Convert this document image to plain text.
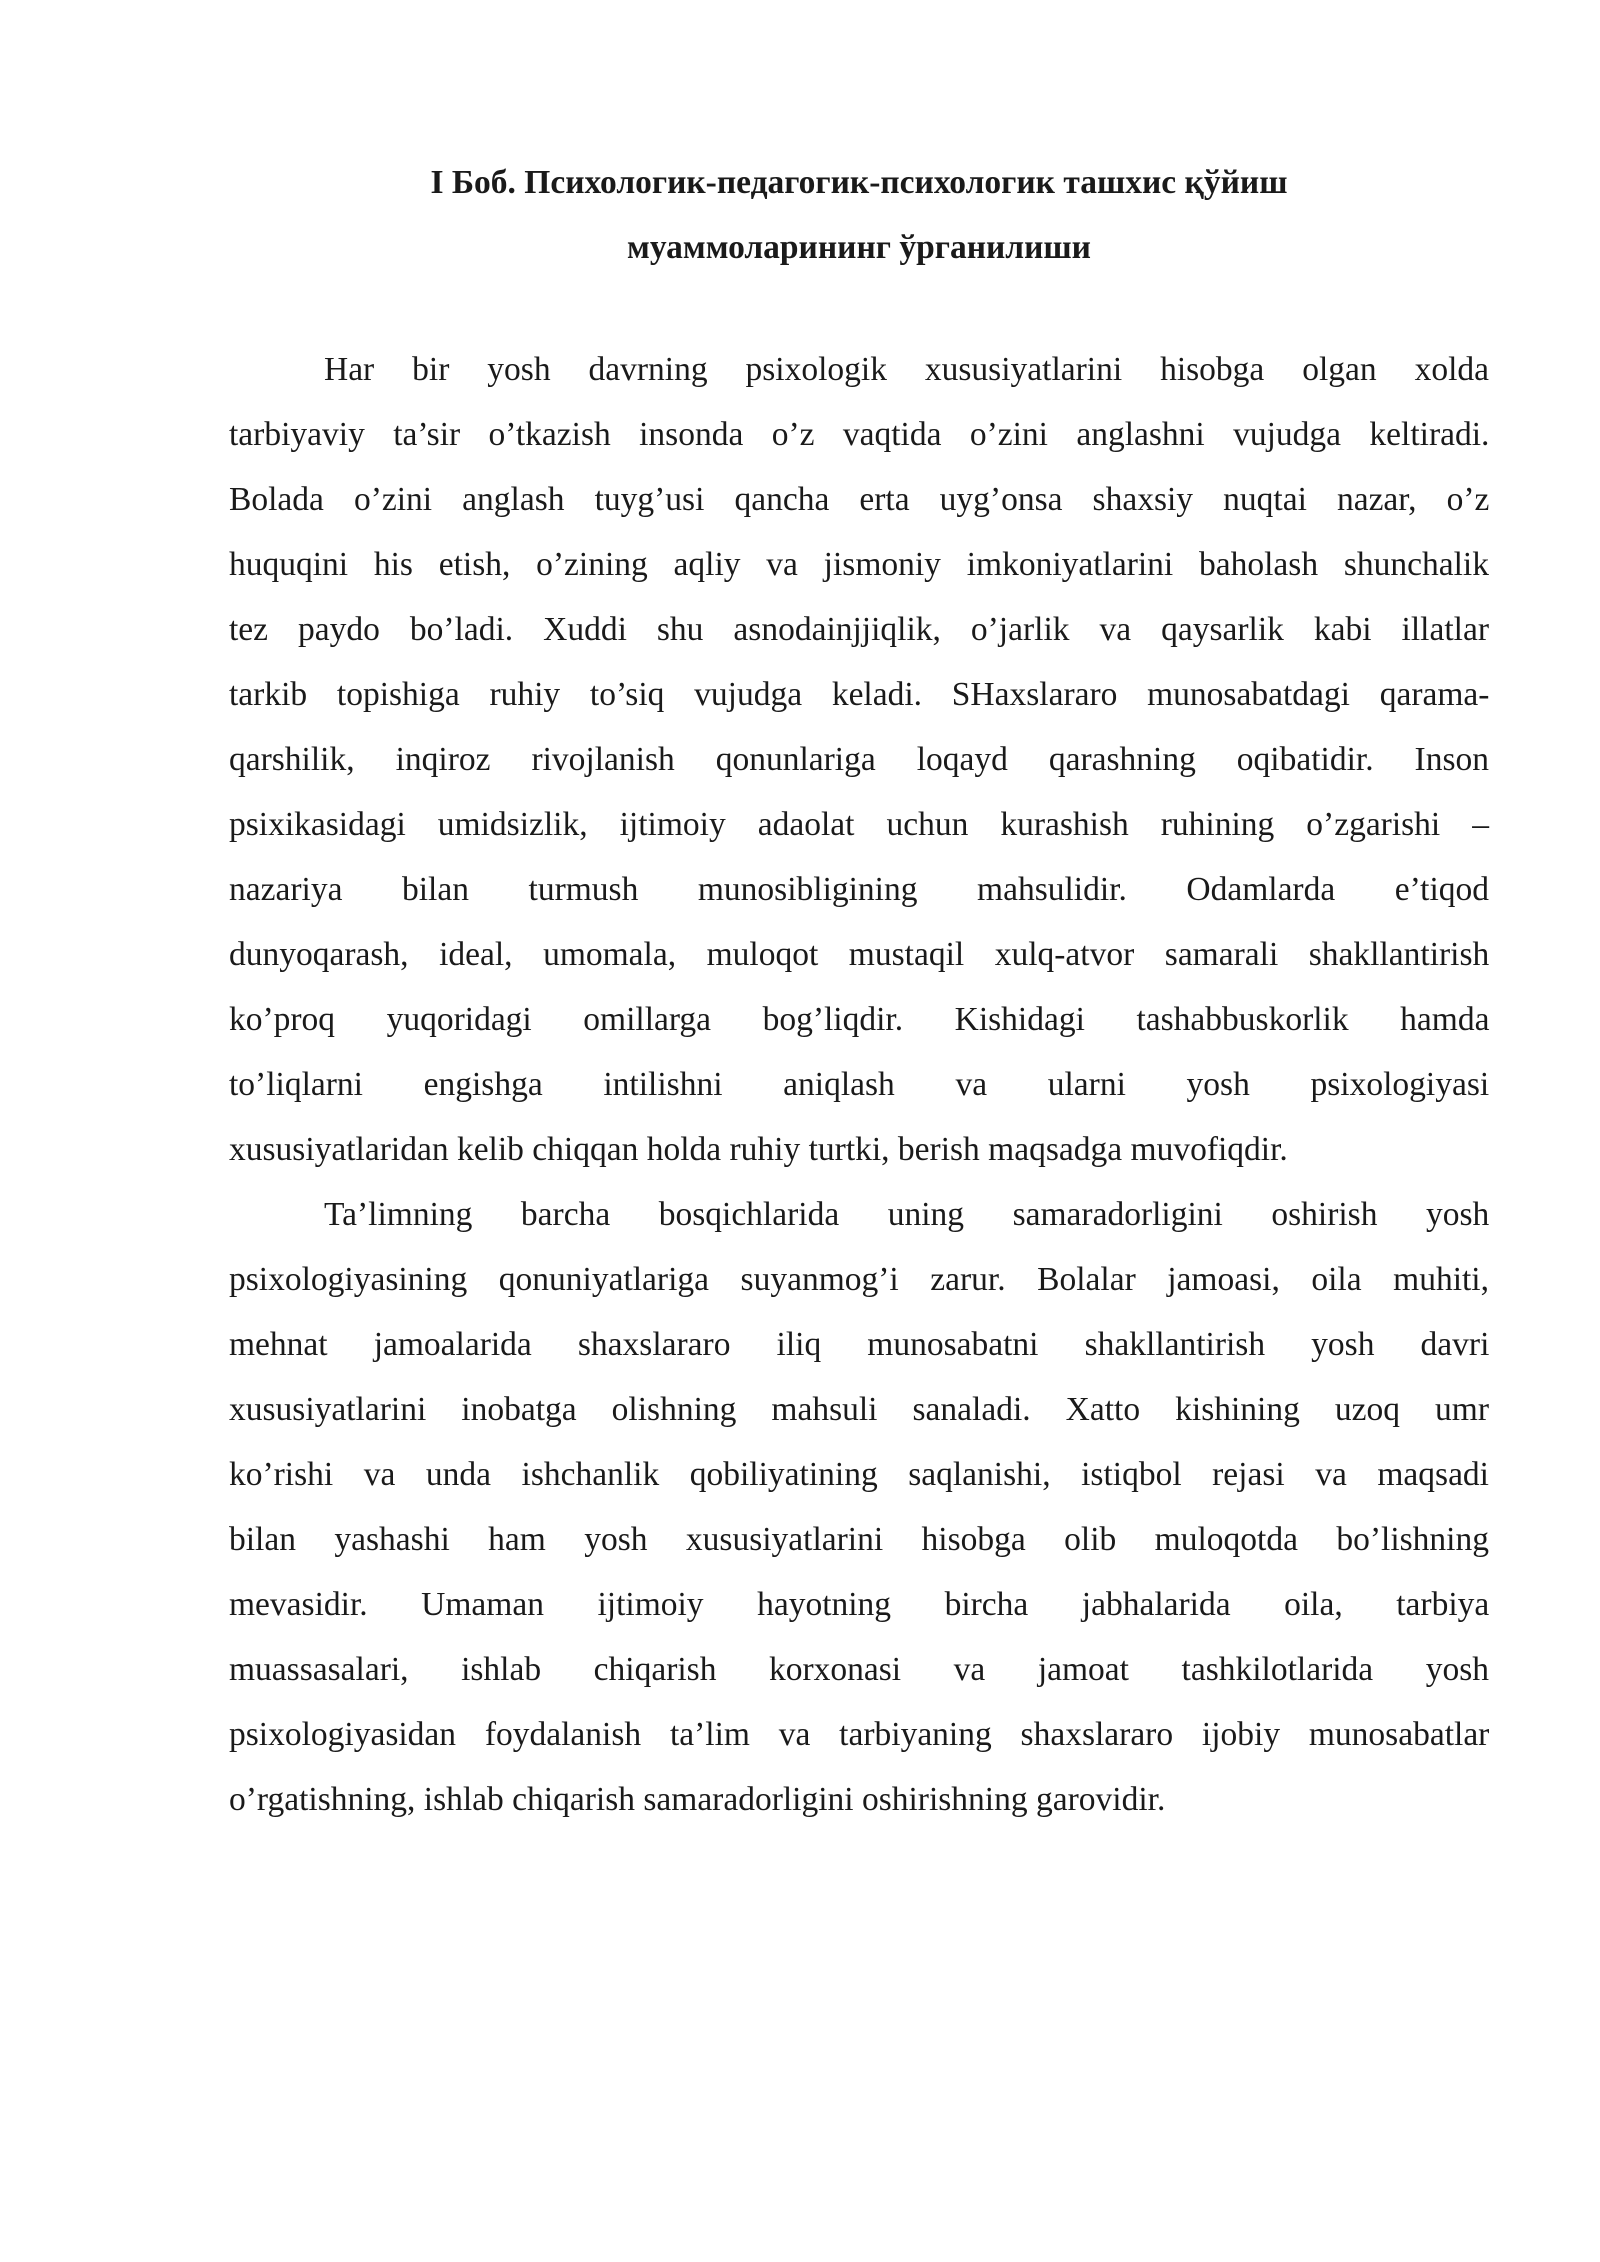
I Боб. Психологик-педагогик-психологик ташхис қўйиш
муаммоларининг ўрганилиши

Har bir yosh davrning psixologik xususiyatlarini hisobga olgan xolda
tarbiyaviy ta’sir o’tkazish insonda o’z vaqtida o’zini anglashni vujudga keltiradi.
Bolada o’zini anglash tuyg’usi qancha erta uyg’onsa shaxsiy nuqtai nazar, o’z
huquqini his etish, o’zining aqliy va jismoniy imkoniyatlarini baholash shunchalik
tez paydo bo’ladi. Xuddi shu asnodainjjiqlik, o’jarlik va qaysarlik kabi illatlar
tarkib topishiga ruhiy to’siq vujudga keladi. SHaxslararo munosabatdagi qarama-
qarshilik, inqiroz rivojlanish qonunlariga loqayd qarashning oqibatidir. Inson
psixikasidagi umidsizlik, ijtimoiy adaolat uchun kurashish ruhining o’zgarishi –
nazariya bilan turmush munosibligining mahsulidir. Odamlarda e’tiqod
dunyoqarash, ideal, umomala, muloqot mustaqil xulq-atvor samarali shakllantirish
ko’proq yuqoridagi omillarga bog’liqdir. Kishidagi tashabbuskorlik hamda
to’liqlarni engishga intilishni aniqlash va ularni yosh psixologiyasi
xususiyatlaridan kelib chiqqan holda ruhiy turtki, berish maqsadga muvofiqdir.

Ta’limning barcha bosqichlarida uning samaradorligini oshirish yosh
psixologiyasining qonuniyatlariga suyanmog’i zarur. Bolalar jamoasi, oila muhiti,
mehnat jamoalarida shaxslararo iliq munosabatni shakllantirish yosh davri
xususiyatlarini inobatga olishning mahsuli sanaladi. Xatto kishining uzoq umr
ko’rishi va unda ishchanlik qobiliyatining saqlanishi, istiqbol rejasi va maqsadi
bilan yashashi ham yosh xususiyatlarini hisobga olib muloqotda bo’lishning
mevasidir. Umaman ijtimoiy hayotning bircha jabhalarida oila, tarbiya
muassasalari, ishlab chiqarish korxonasi va jamoat tashkilotlarida yosh
psixologiyasidan foydalanish ta’lim va tarbiyaning shaxslararo ijobiy munosabatlar
o’rgatishning, ishlab chiqarish samaradorligini oshirishning garovidir.
